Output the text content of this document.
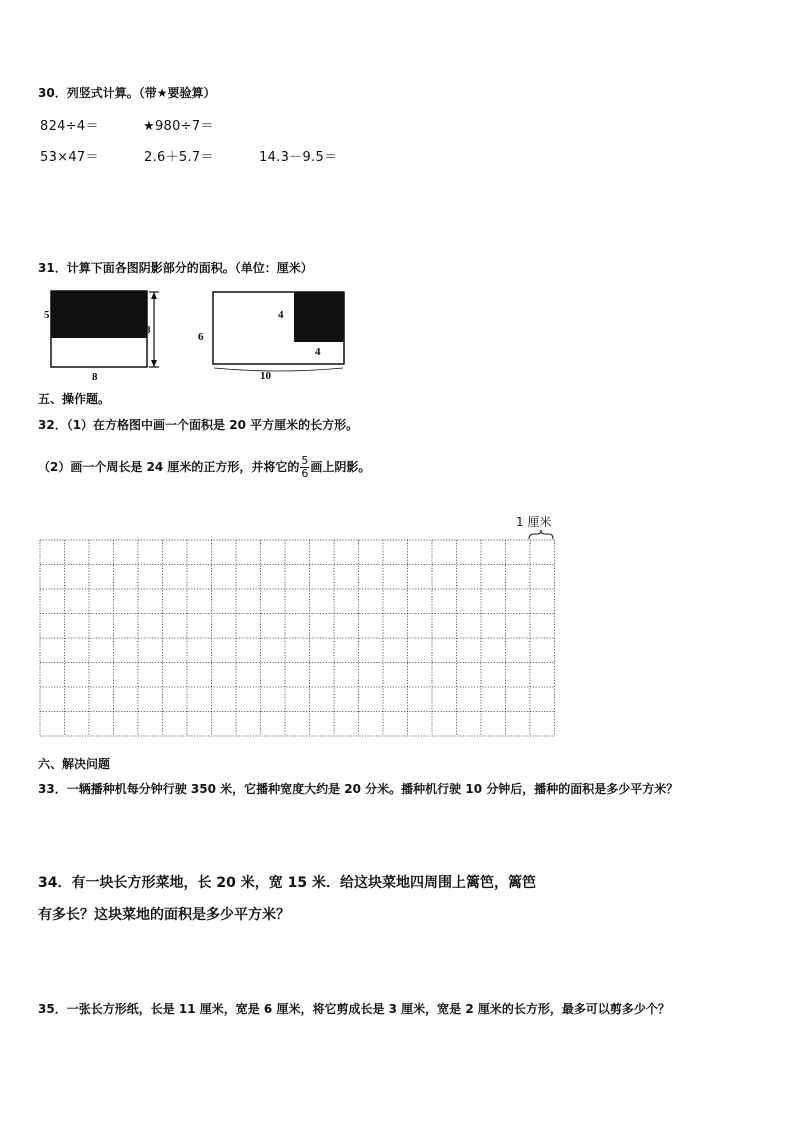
30．列竖式计算。（带★要验算）
824÷4＝	★980÷7＝
53×47＝	2.6＋5.7＝	14.3－9.5＝
31．计算下面各图阴影部分的面积。（单位：厘米）
5
8
8
6
4
4
10
五、操作题。
32．（1）在方格图中画一个面积是 20 平方厘米的长方形。
（2）画一个周长是 24 厘米的正方形，并将它的 $\frac{5}{6}$ 画上阴影。
1 厘米
六、解决问题
33．一辆播种机每分钟行驶 350 米，它播种宽度大约是 20 分米。播种机行驶 10 分钟后，播种的面积是多少平方米？
34．有一块长方形菜地，长 20 米，宽 15 米．给这块菜地四周围上篱笆，篱笆
有多长？这块菜地的面积是多少平方米？
35．一张长方形纸，长是 11 厘米，宽是 6 厘米，将它剪成长是 3 厘米，宽是 2 厘米的长方形，最多可以剪多少个？
